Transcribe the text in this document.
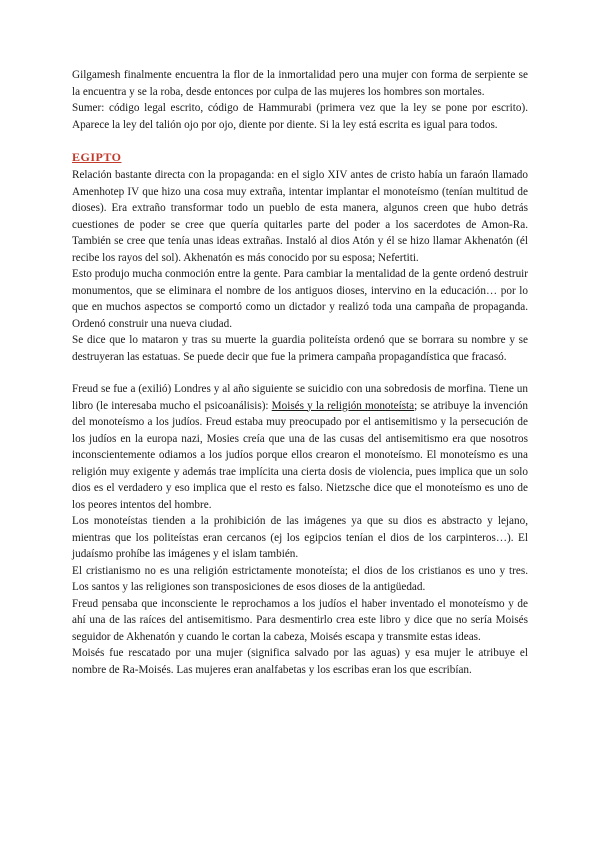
Gilgamesh finalmente encuentra la flor de la inmortalidad pero una mujer con forma de serpiente se la encuentra y se la roba, desde entonces por culpa de las mujeres los hombres son mortales.

Sumer: código legal escrito, código de Hammurabi (primera vez que la ley se pone por escrito). Aparece la ley del talión ojo por ojo, diente por diente. Si la ley está escrita es igual para todos.

EGIPTO

Relación bastante directa con la propaganda: en el siglo XIV antes de cristo había un faraón llamado Amenhotep IV que hizo una cosa muy extraña, intentar implantar el monoteísmo (tenían multitud de dioses). Era extraño transformar todo un pueblo de esta manera, algunos creen que hubo detrás cuestiones de poder se cree que quería quitarles parte del poder a los sacerdotes de Amon-Ra. También se cree que tenía unas ideas extrañas. Instaló al dios Atón y él se hizo llamar Akhenatón (él recibe los rayos del sol). Akhenatón es más conocido por su esposa; Nefertiti.

Esto produjo mucha conmoción entre la gente. Para cambiar la mentalidad de la gente ordenó destruir monumentos, que se eliminara el nombre de los antiguos dioses, intervino en la educación… por lo que en muchos aspectos se comportó como un dictador y realizó toda una campaña de propaganda. Ordenó construir una nueva ciudad.

Se dice que lo mataron y tras su muerte la guardia politeísta ordenó que se borrara su nombre y se destruyeran las estatuas. Se puede decir que fue la primera campaña propagandística que fracasó.

Freud se fue a (exilió) Londres y al año siguiente se suicidio con una sobredosis de morfina. Tiene un libro (le interesaba mucho el psicoanálisis): Moisés y la religión monoteísta; se atribuye la invención del monoteísmo a los judíos. Freud estaba muy preocupado por el antisemitismo y la persecución de los judíos en la europa nazi, Mosies creía que una de las cusas del antisemitismo era que nosotros inconscientemente odiamos a los judíos porque ellos crearon el monoteísmo. El monoteísmo es una religión muy exigente y además trae implícita una cierta dosis de violencia, pues implica que un solo dios es el verdadero y eso implica que el resto es falso. Nietzsche dice que el monoteísmo es uno de los peores intentos del hombre.

Los monoteístas tienden a la prohibición de las imágenes ya que su dios es abstracto y lejano, mientras que los politeístas eran cercanos (ej los egipcios tenían el dios de los carpinteros…). El judaísmo prohíbe las imágenes y el islam también.

El cristianismo no es una religión estrictamente monoteísta; el dios de los cristianos es uno y tres. Los santos y las religiones son transposiciones de esos dioses de la antigüedad.

Freud pensaba que inconsciente le reprochamos a los judíos el haber inventado el monoteísmo y de ahí una de las raíces del antisemitismo. Para desmentirlo crea este libro y dice que no sería Moisés seguidor de Akhenatón y cuando le cortan la cabeza, Moisés escapa y transmite estas ideas.

Moisés fue rescatado por una mujer (significa salvado por las aguas) y esa mujer le atribuye el nombre de Ra-Moisés. Las mujeres eran analfabetas y los escribas eran los que escribían.
